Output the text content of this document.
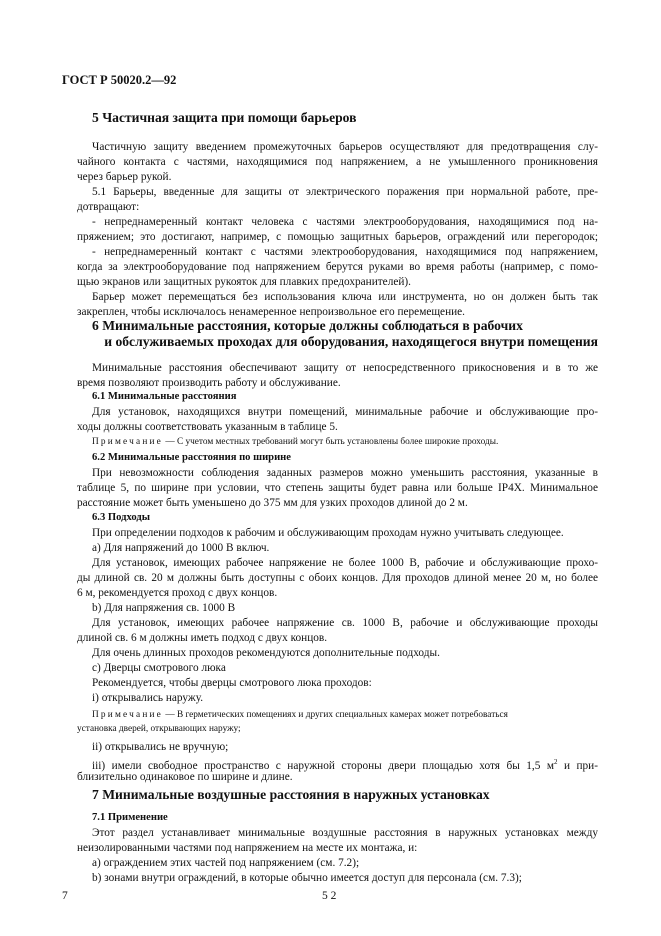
ГОСТ Р 50020.2—92
5 Частичная защита при помощи барьеров
Частичную защиту введением промежуточных барьеров осуществляют для предотвращения слу-
чайного контакта с частями, находящимися под напряжением, а не умышленного проникновения
через барьер рукой.
5.1 Барьеры, введенные для защиты от электрического поражения при нормальной работе, пре-
дотвращают:
- непреднамеренный контакт человека с частями электрооборудования, находящимися под на-
пряжением; это достигают, например, с помощью защитных барьеров, ограждений или перегородок;
- непреднамеренный контакт с частями электрооборудования, находящимися под напряжением,
когда за электрооборудование под напряжением берутся руками во время работы (например, с помо-
щью экранов или защитных рукояток для плавких предохранителей).
Барьер может перемещаться без использования ключа или инструмента, но он должен быть так
закреплен, чтобы исключалось ненамеренное непроизвольное его перемещение.
6 Минимальные расстояния, которые должны соблюдаться в рабочих
и обслуживаемых проходах для оборудования, находящегося внутри помещения
Минимальные расстояния обеспечивают защиту от непосредственного прикосновения и в то же
время позволяют производить работу и обслуживание.
6.1 Минимальные расстояния
Для установок, находящихся внутри помещений, минимальные рабочие и обслуживающие про-
ходы должны соответствовать указанным в таблице 5.
Примечание — С учетом местных требований могут быть установлены более широкие проходы.
6.2 Минимальные расстояния по ширине
При невозможности соблюдения заданных размеров можно уменьшить расстояния, указанные в
таблице 5, по ширине при условии, что степень защиты будет равна или больше IP4X. Минимальное
расстояние может быть уменьшено до 375 мм для узких проходов длиной до 2 м.
6.3 Подходы
При определении подходов к рабочим и обслуживающим проходам нужно учитывать следующее.
а) Для напряжений до 1000 В включ.
Для установок, имеющих рабочее напряжение не более 1000 В, рабочие и обслуживающие прохо-
ды длиной св. 20 м должны быть доступны с обоих концов. Для проходов длиной менее 20 м, но более
6 м, рекомендуется проход с двух концов.
b) Для напряжения св. 1000 В
Для установок, имеющих рабочее напряжение св. 1000 В, рабочие и обслуживающие проходы
длиной св. 6 м должны иметь подход с двух концов.
Для очень длинных проходов рекомендуются дополнительные подходы.
с) Дверцы смотрового люка
Рекомендуется, чтобы дверцы смотрового люка проходов:
i) открывались наружу.
Примечание — В герметических помещениях и других специальных камерах может потребоваться
установка дверей, открывающих наружу;
ii) открывались не вручную;
iii) имели свободное пространство с наружной стороны двери площадью хотя бы 1,5 $м^2$ и при-
близительно одинаковое по ширине и длине.
7 Минимальные воздушные расстояния в наружных установках
7.1 Применение
Этот раздел устанавливает минимальные воздушные расстояния в наружных установках между
неизолированными частями под напряжением на месте их монтажа, и:
а) ограждением этих частей под напряжением (см. 7.2);
b) зонами внутри ограждений, в которые обычно имеется доступ для персонала (см. 7.3);
7	5 2
